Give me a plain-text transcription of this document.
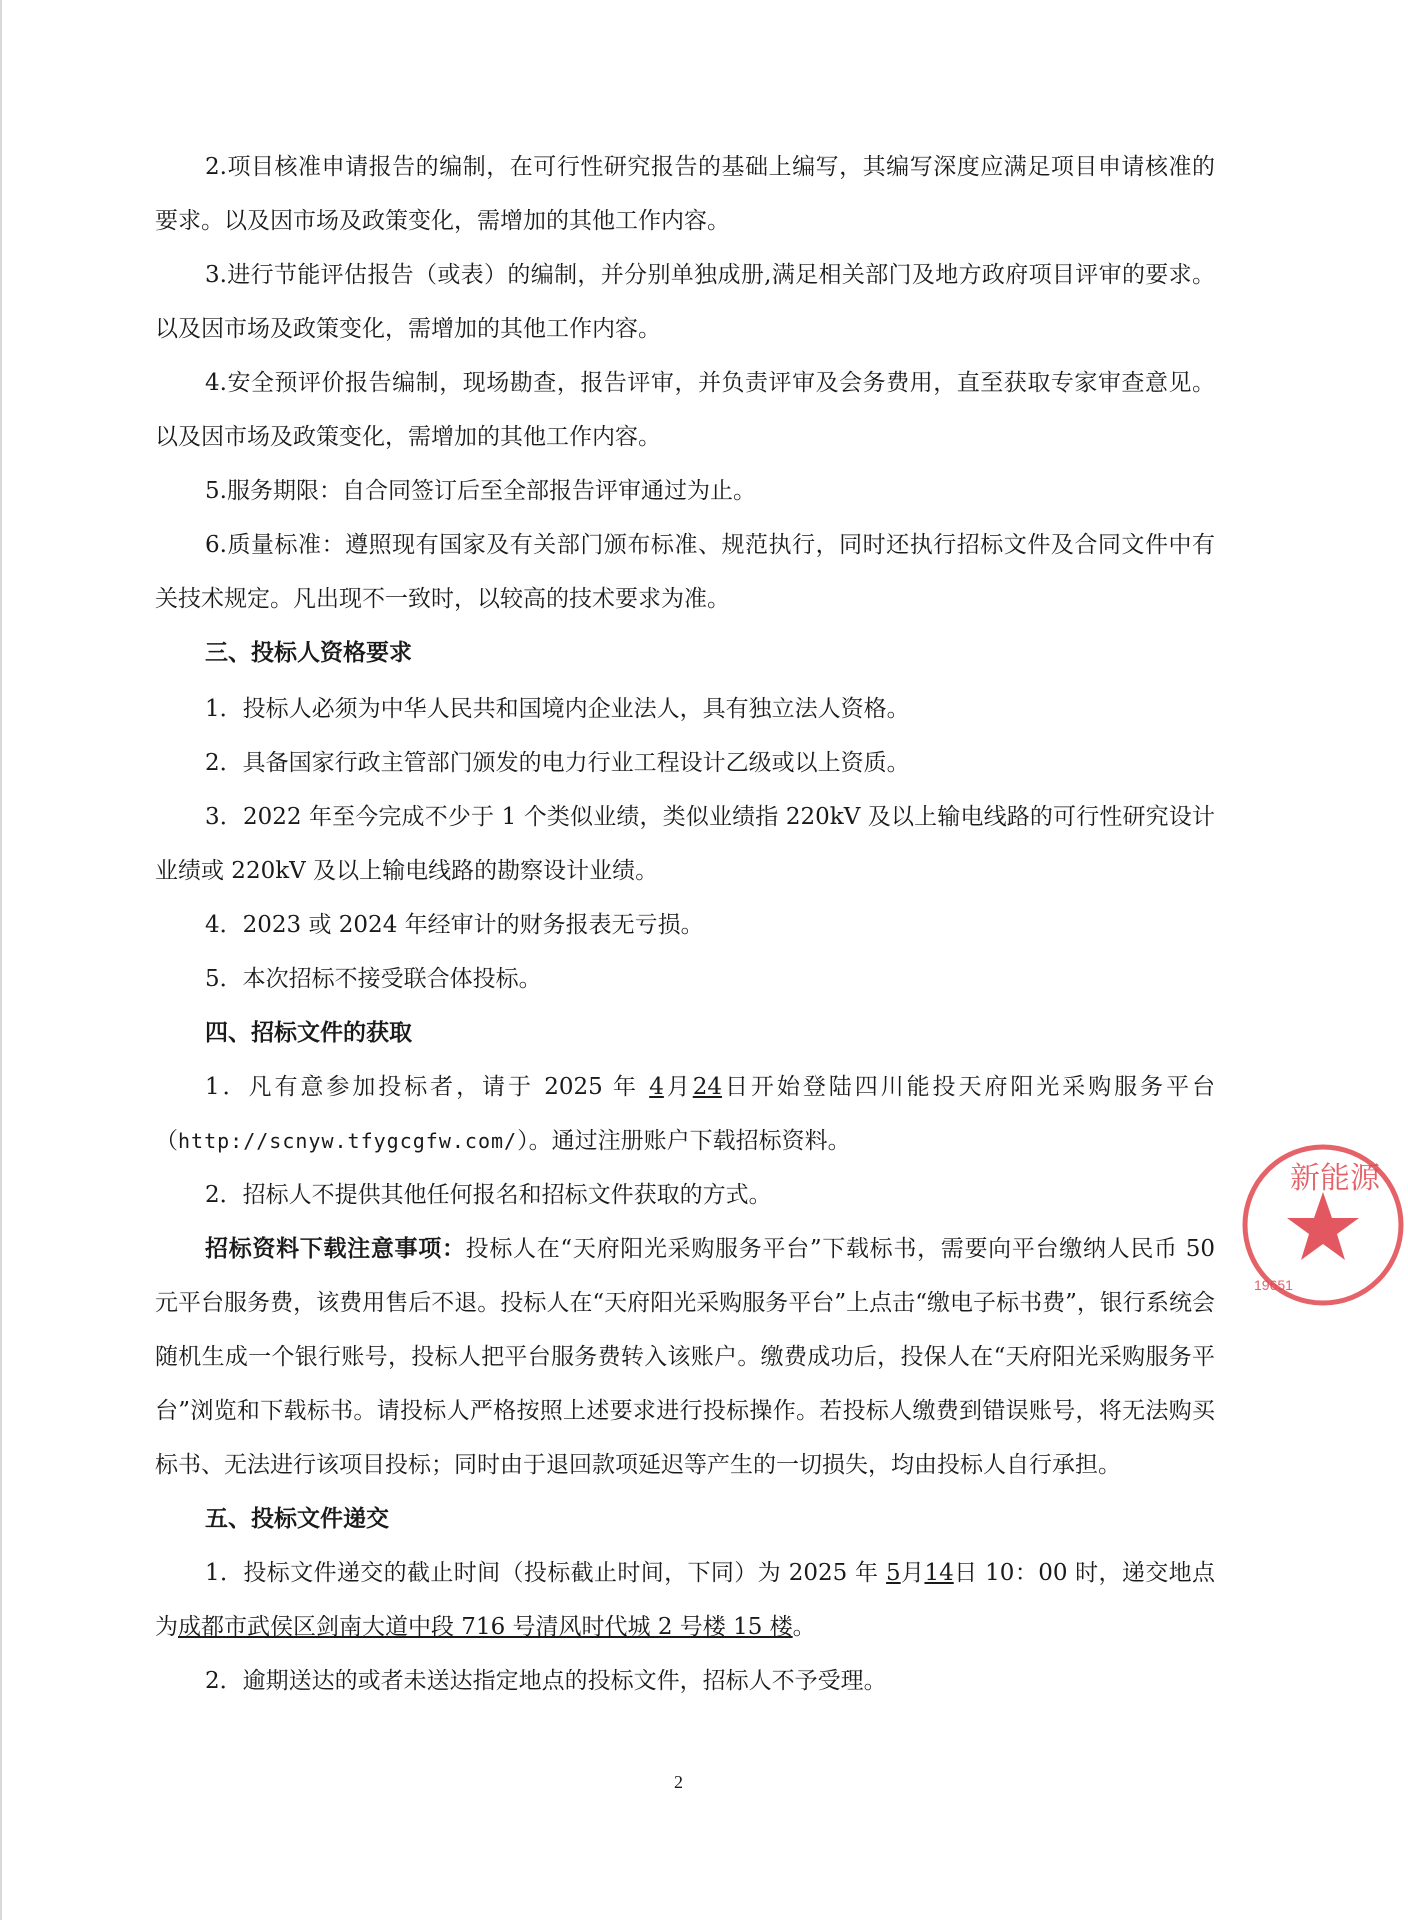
2.项目核准申请报告的编制，在可行性研究报告的基础上编写，其编写深度应满足项目申请核准的要求。以及因市场及政策变化，需增加的其他工作内容。
3.进行节能评估报告（或表）的编制，并分别单独成册,满足相关部门及地方政府项目评审的要求。以及因市场及政策变化，需增加的其他工作内容。
4.安全预评价报告编制，现场勘查，报告评审，并负责评审及会务费用，直至获取专家审查意见。以及因市场及政策变化，需增加的其他工作内容。
5.服务期限：自合同签订后至全部报告评审通过为止。
6.质量标准：遵照现有国家及有关部门颁布标准、规范执行，同时还执行招标文件及合同文件中有关技术规定。凡出现不一致时，以较高的技术要求为准。
三、投标人资格要求
1．投标人必须为中华人民共和国境内企业法人，具有独立法人资格。
2．具备国家行政主管部门颁发的电力行业工程设计乙级或以上资质。
3．2022 年至今完成不少于 1 个类似业绩，类似业绩指 220kV 及以上输电线路的可行性研究设计业绩或 220kV 及以上输电线路的勘察设计业绩。
4．2023 或 2024 年经审计的财务报表无亏损。
5．本次招标不接受联合体投标。
四、招标文件的获取
1．凡有意参加投标者，请于 2025 年 4月24日开始登陆四川能投天府阳光采购服务平台（http://scnyw.tfygcgfw.com/）。通过注册账户下载招标资料。
2．招标人不提供其他任何报名和招标文件获取的方式。
招标资料下载注意事项：投标人在“天府阳光采购服务平台”下载标书，需要向平台缴纳人民币 50 元平台服务费，该费用售后不退。投标人在“天府阳光采购服务平台”上点击“缴电子标书费”，银行系统会随机生成一个银行账号，投标人把平台服务费转入该账户。缴费成功后，投保人在“天府阳光采购服务平台”浏览和下载标书。请投标人严格按照上述要求进行投标操作。若投标人缴费到错误账号，将无法购买标书、无法进行该项目投标；同时由于退回款项延迟等产生的一切损失，均由投标人自行承担。
五、投标文件递交
1．投标文件递交的截止时间（投标截止时间，下同）为 2025 年 5月14日 10：00 时，递交地点为成都市武侯区剑南大道中段 716 号清风时代城 2 号楼 15 楼。
2．逾期送达的或者未送达指定地点的投标文件，招标人不予受理。
2
新能源
19651
